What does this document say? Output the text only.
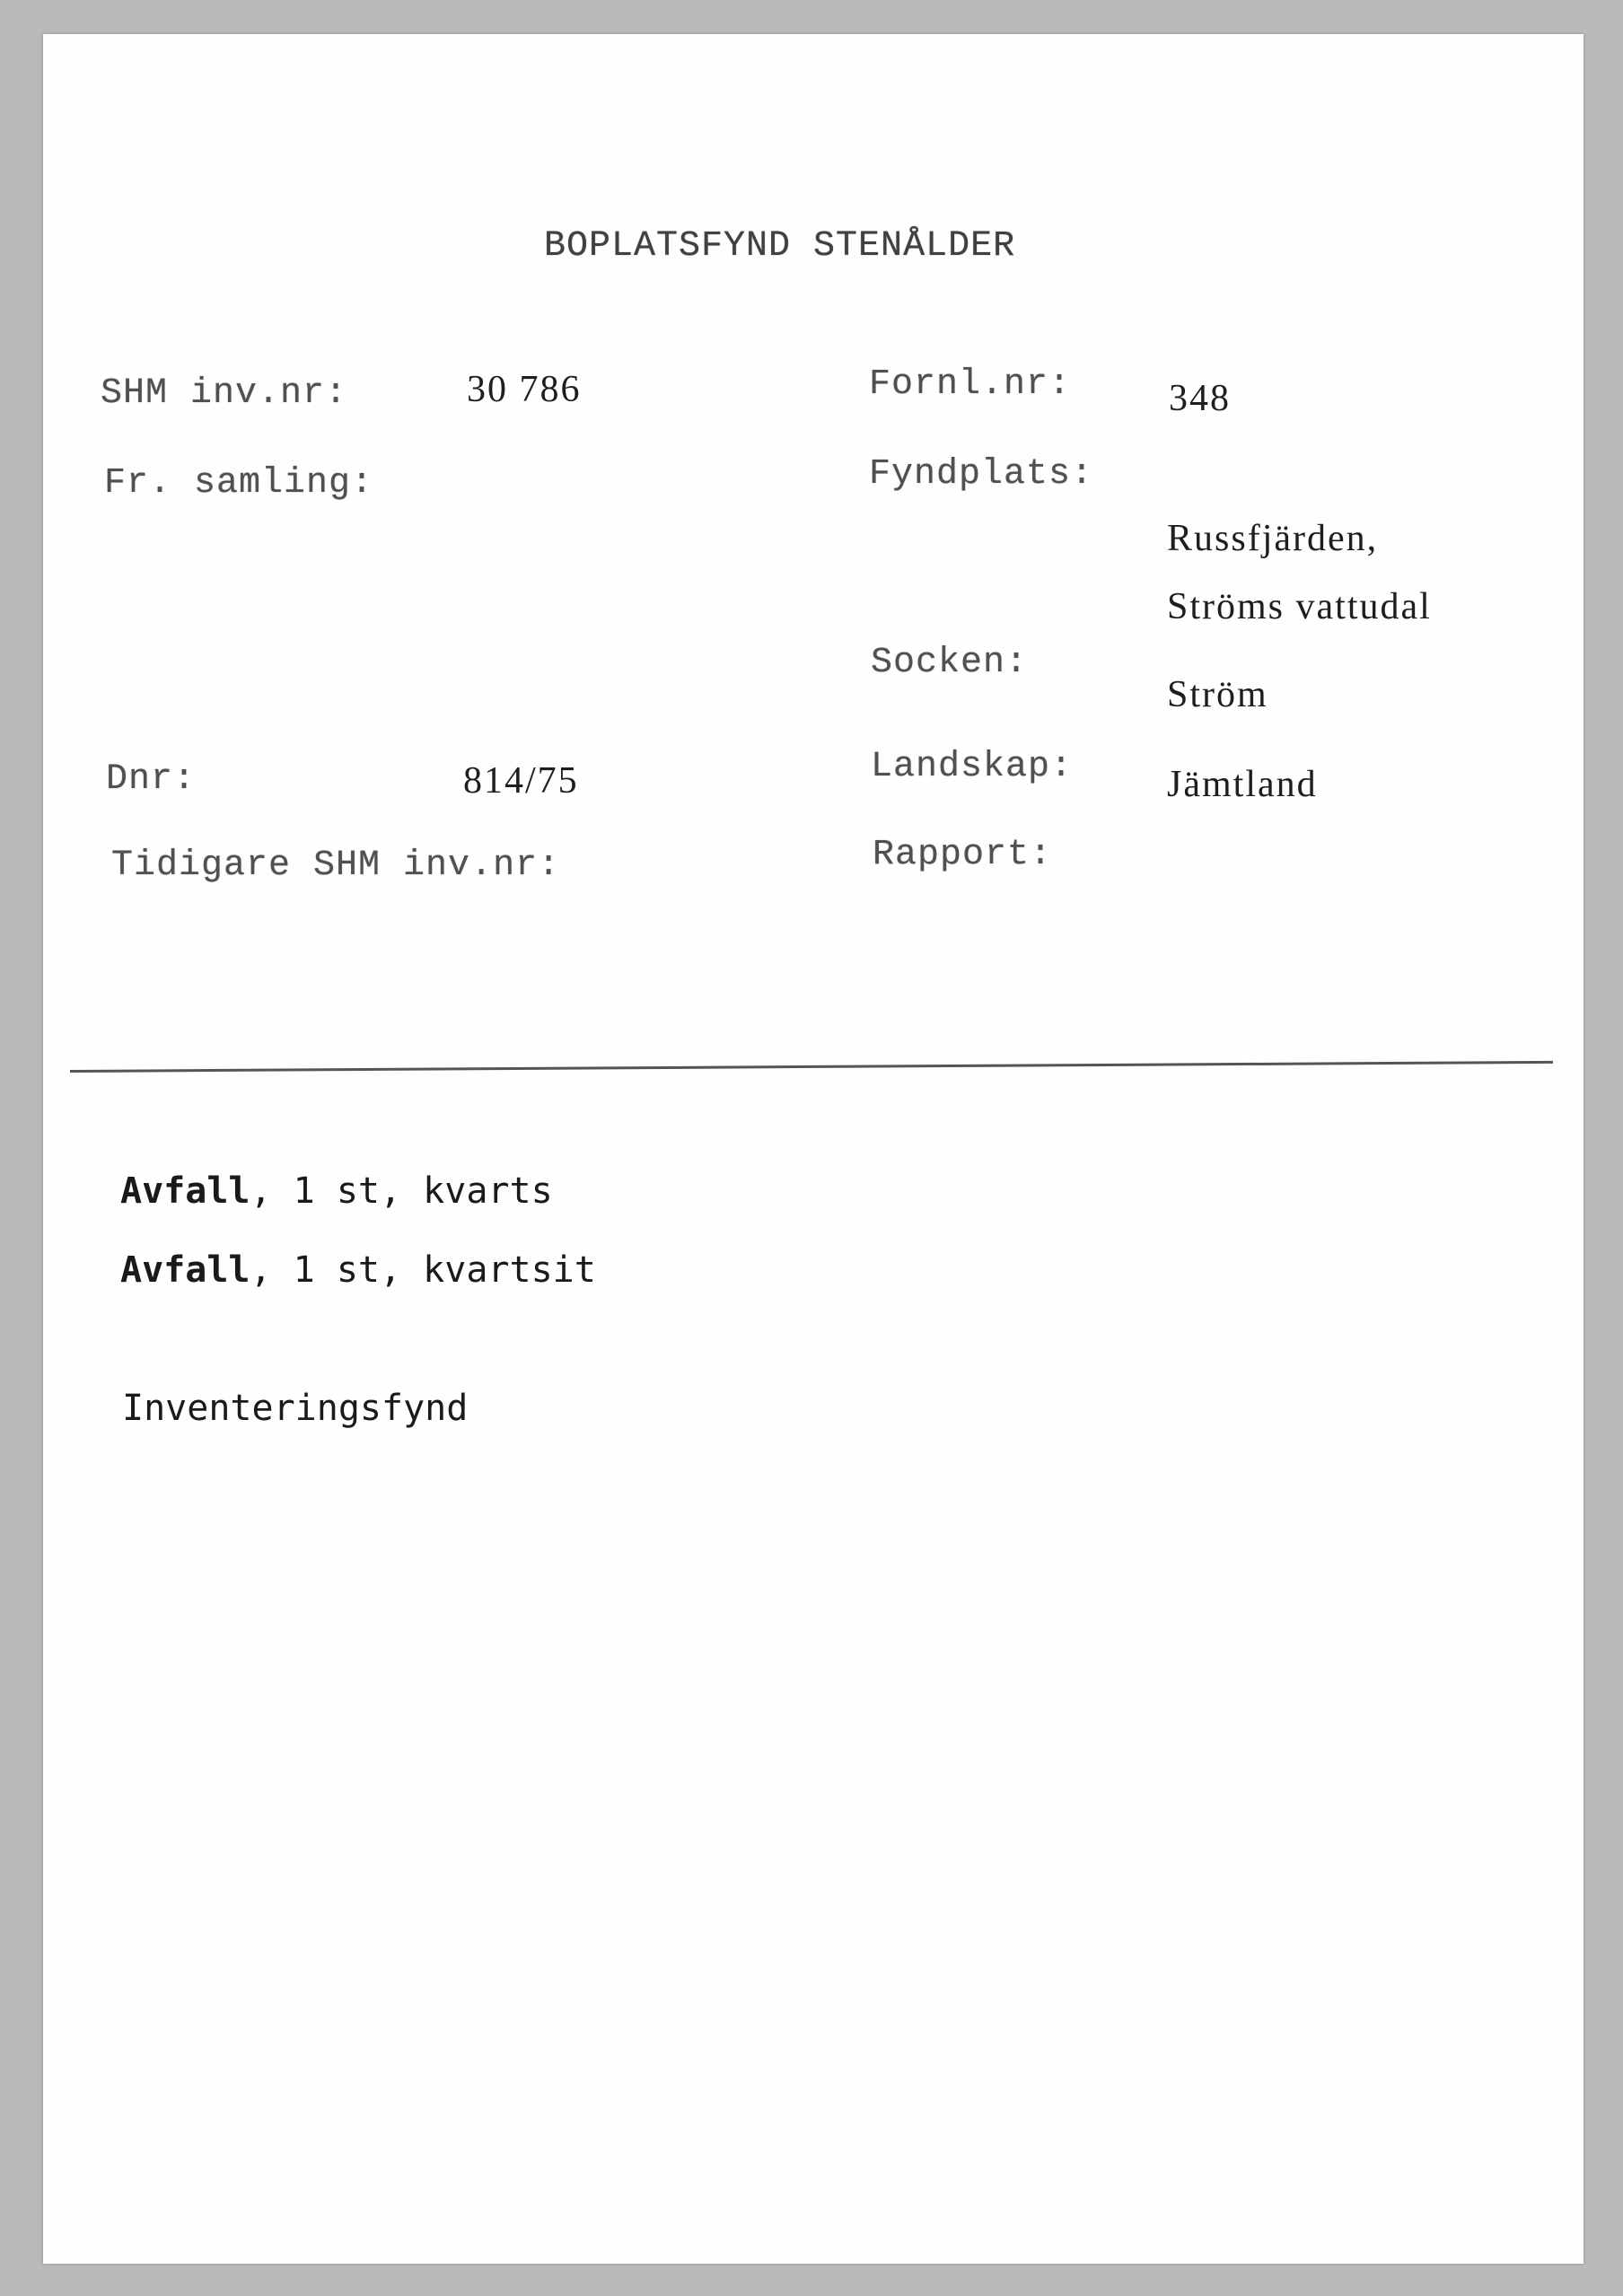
BOPLATSFYND STENÅLDER
SHM inv.nr:	30 786	Fornl.nr:	348
Fr. samling:	Fyndplats:
Russfjärden,
Ströms vattudal
Socken:
Ström
Dnr:	814/75	Landskap: Jämtland
Tidigare SHM inv.nr:	Rapport:
Avfall, 1 st, kvarts
Avfall, 1 st, kvartsit
Inventeringsfynd
